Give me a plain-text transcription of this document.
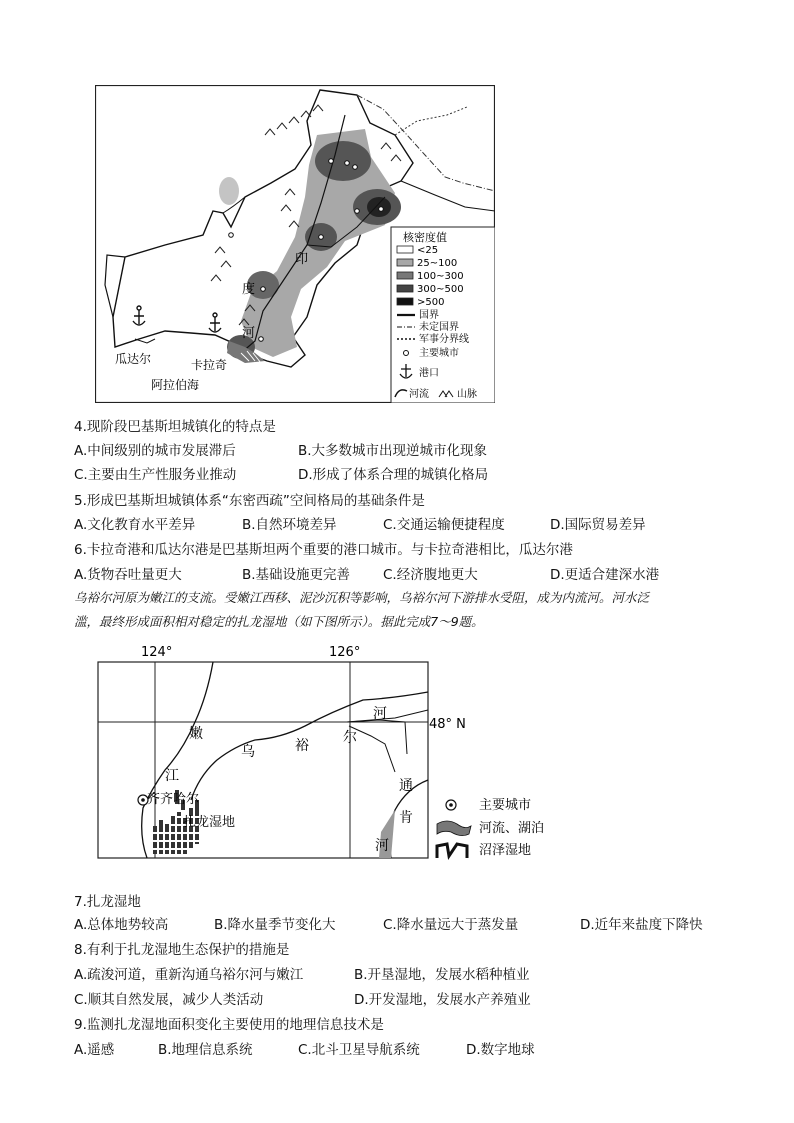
印
度
河
瓜达尔	卡拉奇
阿拉伯海
核密度值
<25
25~100
100~300
300~500
>500
国界
未定国界
军事分界线
主要城市
港口
河流	山脉
4.现阶段巴基斯坦城镇化的特点是
A.中间级别的城市发展滞后	B.大多数城市出现逆城市化现象
C.主要由生产性服务业推动	D.形成了体系合理的城镇化格局
5.形成巴基斯坦城镇体系“东密西疏”空间格局的基础条件是
A.文化教育水平差异	B.自然环境差异	C.交通运输便捷程度	D.国际贸易差异
6.卡拉奇港和瓜达尔港是巴基斯坦两个重要的港口城市。与卡拉奇港相比，瓜达尔港
A.货物吞吐量更大	B.基础设施更完善 C.经济腹地更大	D.更适合建深水港
乌裕尔河原为嫩江的支流。受嫩江西移、泥沙沉积等影响，乌裕尔河下游排水受阻，成为内流河。河水泛
滥，最终形成面积相对稳定的扎龙湿地（如下图所示）。据此完成7～9题。
124°	126°
48° N
齐齐哈尔
扎龙湿地
嫩
江
乌	裕 尔
河
通
肯
河
主要城市
河流、湖泊
沼泽湿地
7.扎龙湿地
A.总体地势较高	B.降水量季节变化大	C.降水量远大于蒸发量	D.近年来盐度下降快
8.有利于扎龙湿地生态保护的措施是
A.疏浚河道，重新沟通乌裕尔河与嫩江	B.开垦湿地，发展水稻种植业
C.顺其自然发展，减少人类活动	D.开发湿地，发展水产养殖业
9.监测扎龙湿地面积变化主要使用的地理信息技术是
A.遥感	B.地理信息系统	C.北斗卫星导航系统	D.数字地球
